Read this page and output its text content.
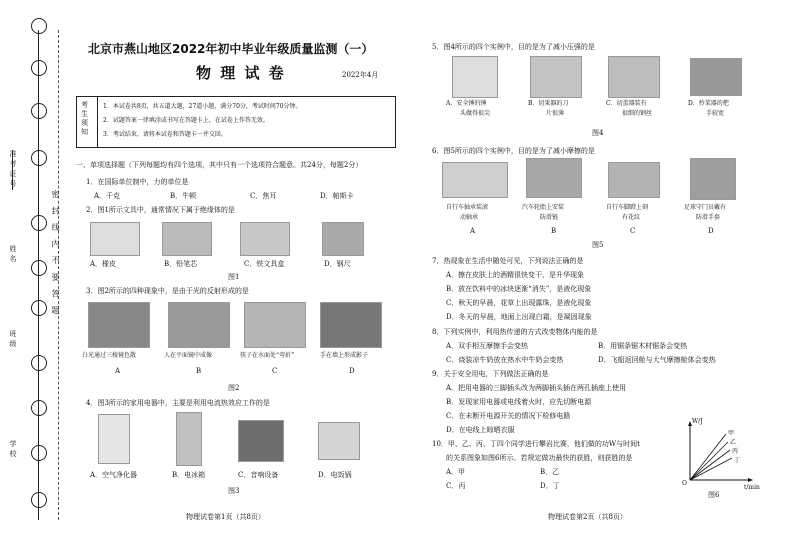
准考证号
姓名
班级
学校
密 封 线 内 不 要 答 题
北京市燕山地区2022年初中毕业年级质量监测（一）
物 理 试 卷	2022年4月
考生须知
1．本试卷共8页，共五道大题，27道小题，满分70分，考试时间70分钟。
2．试题答案一律填涂或书写在答题卡上，在试卷上作答无效。
3．考试结束，请将本试卷和答题卡一并交回。
一、单项选择题（下列每题均有四个选项，其中只有一个选项符合题意。共24分，每题2分）
1．在国际单位制中，力的单位是
A．千克	B．牛顿	C．焦耳	D．帕斯卡
2．图1所示文具中，通常情况下属于绝缘体的是
A．橡皮	B．铅笔芯	C．铁文具盒	D．钢尺
图1
3．图2所示的四种现象中，是由于光的反射形成的是
白光通过三棱镜色散	人在平面镜中成像	筷子在水面处“弯折”	手在墙上形成影子
A	B	C	D
图2
4．图3所示的家用电器中，主要是利用电流热效应工作的是
A．空气净化器	B．电冰箱	C．音响设备	D．电饭锅
图3
物理试卷第1页（共8页）
5．图4所示的四个实例中，目的是为了减小压强的是
A．安全锤的锤
头做得很尖
B．切果器的刀
片很薄
C．切蛋器装有
很细的钢丝
D．拎菜器的把
手较宽
图4
6．图5所示的四个实例中，目的是为了减小摩擦的是
自行车轴承装滚
动轴承
汽车轮胎上安装
防滑链
自行车脚蹬上刻
有花纹
足球守门员戴有
防滑手套
A	B	C	D
图5
7．热现象在生活中随处可见，下列说法正确的是
A．擦在皮肤上的酒精很快变干，是升华现象
B．放在饮料中的冰块逐渐“消失”，是液化现象
C．秋天的早晨，花草上出现露珠，是液化现象
D．冬天的早晨，地面上出现白霜，是凝固现象
8．下列实例中，利用热传递的方式改变物体内能的是
A．双手相互摩擦手会变热	B．用锯条锯木材锯条会变热
C．烧装凉牛奶放在热水中牛奶会变热	D．飞船返回舱与大气摩擦舱体会变热
9．关于安全用电，下列做法正确的是
A．把用电器的三脚插头改为两脚插头插在两孔插座上使用
B．发现家用电器或电线着火时，应先切断电源
C．在未断开电源开关的情况下检修电路
D．在电线上晾晒衣服
10．甲、乙、丙、丁四个同学进行攀岩比赛，他们做的功W与时间t
的关系图象如图6所示。若规定做功最快的获胜，则获胜的是
A．甲	B．乙
C．丙	D．丁
W/J
甲
乙
丙
丁
O
t/min
图6
物理试卷第2页（共8页）
